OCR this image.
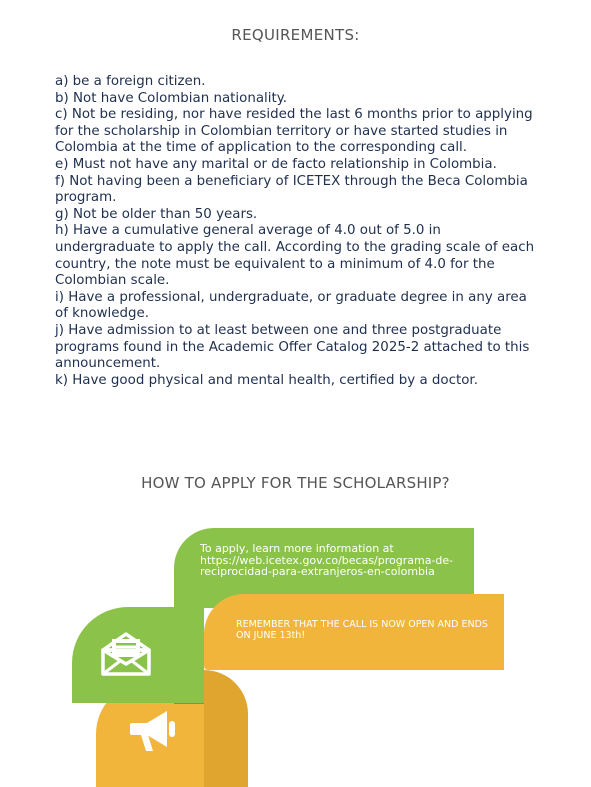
REQUIREMENTS:
a) be a foreign citizen.
b) Not have Colombian nationality.
c) Not be residing, nor have resided the last 6 months prior to applying for the scholarship in Colombian territory or have started studies in Colombia at the time of application to the corresponding call.
e) Must not have any marital or de facto relationship in Colombia.
f) Not having been a beneficiary of ICETEX through the Beca Colombia program.
g) Not be older than 50 years.
h) Have a cumulative general average of 4.0 out of 5.0 in undergraduate to apply the call. According to the grading scale of each country, the note must be equivalent to a minimum of 4.0 for the Colombian scale.
i) Have a professional, undergraduate, or graduate degree in any area of knowledge.
j) Have admission to at least between one and three postgraduate programs found in the Academic Offer Catalog 2025-2 attached to this announcement.
k) Have good physical and mental health, certified by a doctor.
HOW TO APPLY FOR THE SCHOLARSHIP?
To apply, learn more information at https://web.icetex.gov.co/becas/programa-de-reciprocidad-para-extranjeros-en-colombia
REMEMBER THAT THE CALL IS NOW OPEN AND ENDS ON JUNE 13th!
